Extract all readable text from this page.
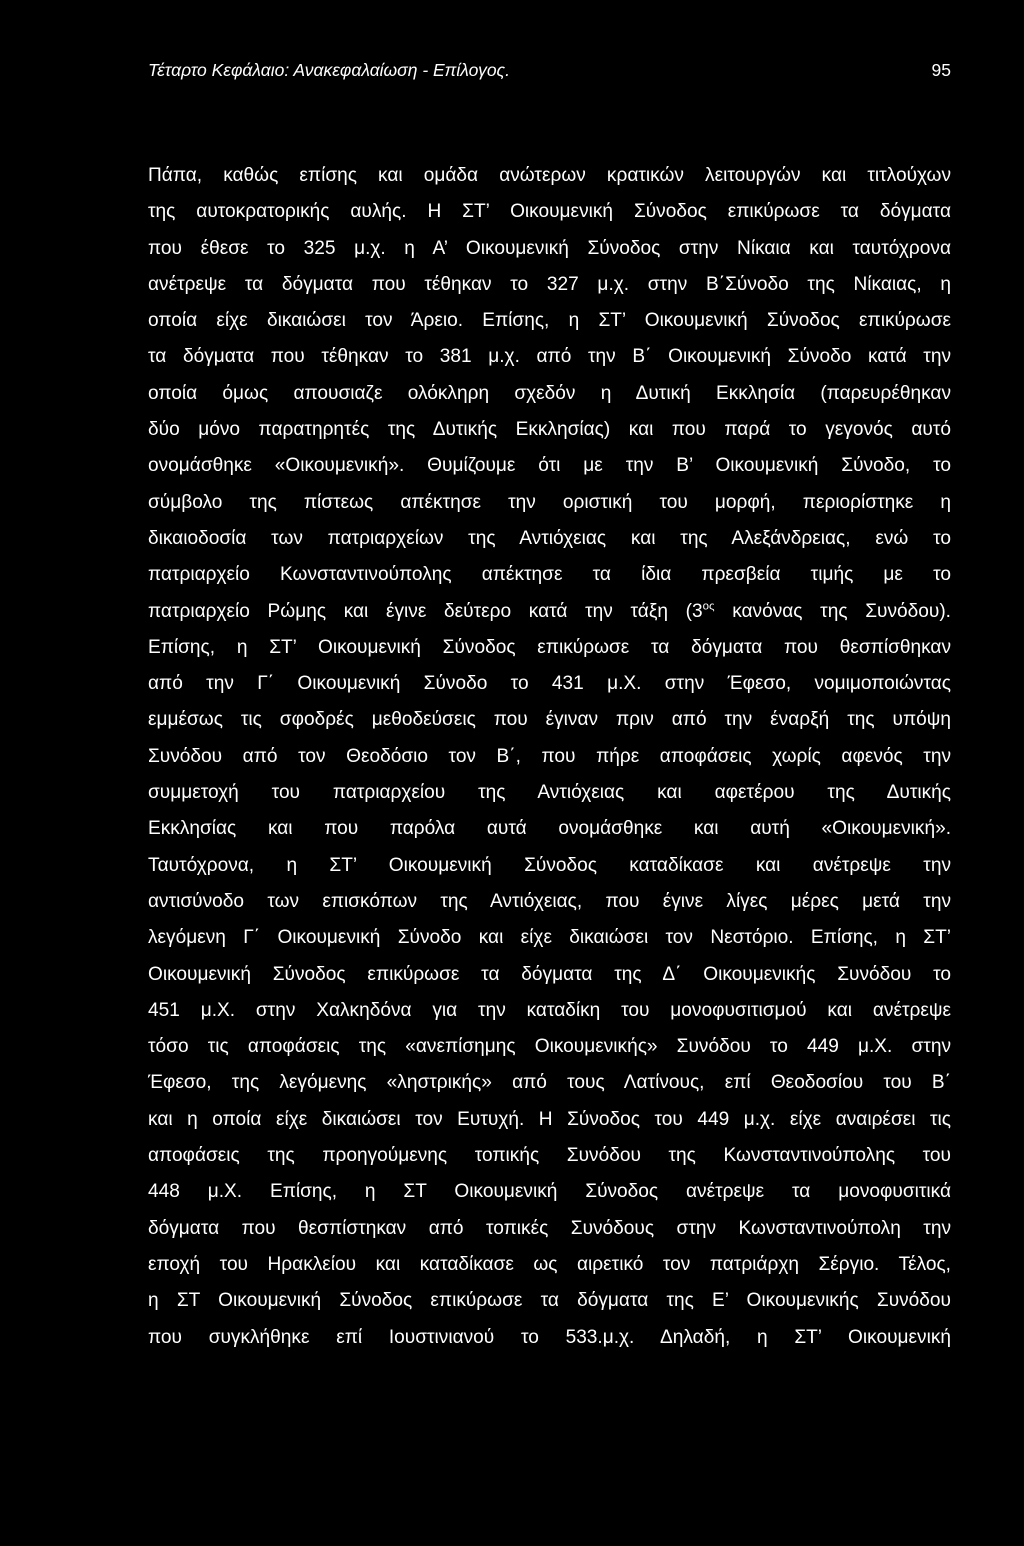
Τέταρτο Κεφάλαιο: Ανακεφαλαίωση - Επίλογος.	95
Πάπα, καθώς επίσης και ομάδα ανώτερων κρατικών λειτουργών και τιτλούχων
της αυτοκρατορικής αυλής. Η ΣΤ’ Οικουμενική Σύνοδος επικύρωσε τα δόγματα
που έθεσε το 325 μ.χ. η Α’ Οικουμενική Σύνοδος στην Νίκαια και ταυτόχρονα
ανέτρεψε τα δόγματα που τέθηκαν το 327 μ.χ. στην Β΄Σύνοδο της Νίκαιας, η
οποία είχε δικαιώσει τον Άρειο. Επίσης, η ΣΤ’ Οικουμενική Σύνοδος επικύρωσε
τα δόγματα που τέθηκαν το 381 μ.χ. από την Β΄ Οικουμενική Σύνοδο κατά την
οποία όμως απουσιαζε ολόκληρη σχεδόν η Δυτική Εκκλησία (παρευρέθηκαν
δύο μόνο παρατηρητές της Δυτικής Εκκλησίας) και που παρά το γεγονός αυτό
ονομάσθηκε «Οικουμενική». Θυμίζουμε ότι με την Β’ Οικουμενική Σύνοδο, το
σύμβολο της πίστεως απέκτησε την οριστική του μορφή, περιορίστηκε η
δικαιοδοσία των πατριαρχείων της Αντιόχειας και της Αλεξάνδρειας, ενώ το
πατριαρχείο Κωνσταντινούπολης απέκτησε τα ίδια πρεσβεία τιμής με το
πατριαρχείο Ρώμης και έγινε δεύτερο κατά την τάξη ($3^{o\varsigma}$ κανόνας της Συνόδου).
Επίσης, η ΣΤ’ Οικουμενική Σύνοδος επικύρωσε τα δόγματα που θεσπίσθηκαν
από την Γ΄ Οικουμενική Σύνοδο το 431 μ.Χ. στην Έφεσο, νομιμοποιώντας
εμμέσως τις σφοδρές μεθοδεύσεις που έγιναν πριν από την έναρξή της υπόψη
Συνόδου από τον Θεοδόσιο τον Β΄, που πήρε αποφάσεις χωρίς αφενός την
συμμετοχή του πατριαρχείου της Αντιόχειας και αφετέρου της Δυτικής
Εκκλησίας και που παρόλα αυτά ονομάσθηκε και αυτή «Οικουμενική».
Ταυτόχρονα, η ΣΤ’ Οικουμενική Σύνοδος καταδίκασε και ανέτρεψε την
αντισύνοδο των επισκόπων της Αντιόχειας, που έγινε λίγες μέρες μετά την
λεγόμενη Γ΄ Οικουμενική Σύνοδο και είχε δικαιώσει τον Νεστόριο. Επίσης, η ΣΤ’
Οικουμενική Σύνοδος επικύρωσε τα δόγματα της Δ΄ Οικουμενικής Συνόδου το
451 μ.Χ. στην Χαλκηδόνα για την καταδίκη του μονοφυσιτισμού και ανέτρεψε
τόσο τις αποφάσεις της «ανεπίσημης Οικουμενικής» Συνόδου το 449 μ.Χ. στην
Έφεσο, της λεγόμενης «ληστρικής» από τους Λατίνους, επί Θεοδοσίου του Β΄
και η οποία είχε δικαιώσει τον Ευτυχή. Η Σύνοδος του 449 μ.χ. είχε αναιρέσει τις
αποφάσεις της προηγούμενης τοπικής Συνόδου της Κωνσταντινούπολης του
448 μ.Χ. Επίσης, η ΣΤ Οικουμενική Σύνοδος ανέτρεψε τα μονοφυσιτικά
δόγματα που θεσπίστηκαν από τοπικές Συνόδους στην Κωνσταντινούπολη την
εποχή του Ηρακλείου και καταδίκασε ως αιρετικό τον πατριάρχη Σέργιο. Τέλος,
η ΣΤ Οικουμενική Σύνοδος επικύρωσε τα δόγματα της Ε’ Οικουμενικής Συνόδου
που συγκλήθηκε επί Ιουστινιανού το 533.μ.χ. Δηλαδή, η ΣΤ’ Οικουμενική
